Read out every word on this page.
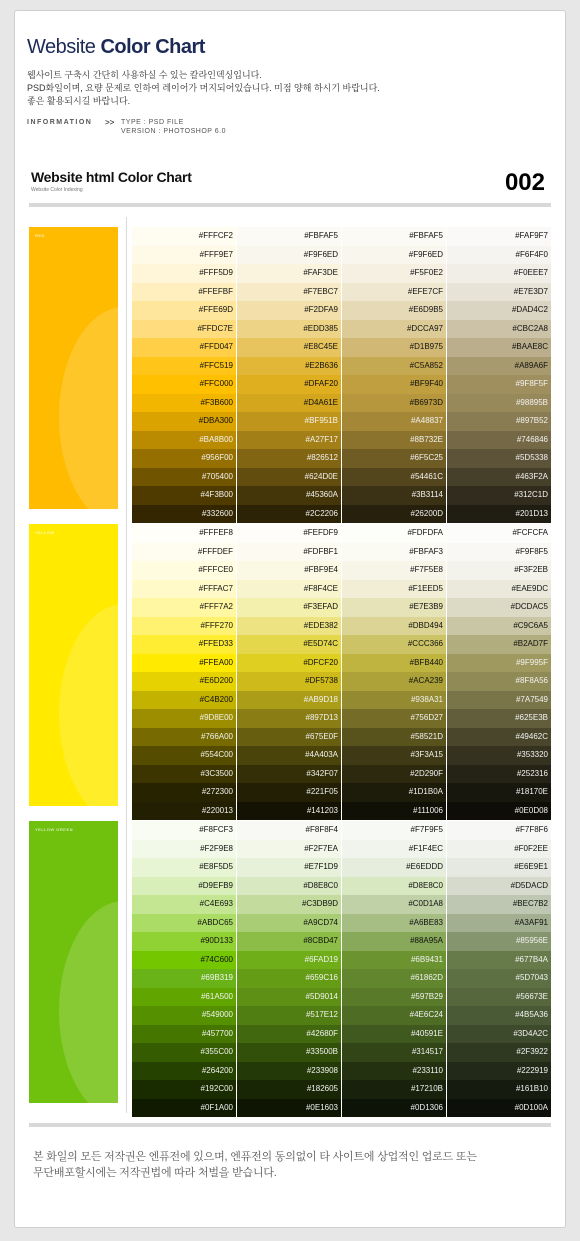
Website Color Chart
웹사이트 구축시 간단히 사용하실 수 있는 칼라인덱싱입니다.
PSD화일이며, 요량 문제로 인하여 레이어가 머지되어있습니다. 미점 양해 하시기 바랍니다.
좋은 활용되시길 바랍니다.
INFORMATION >> TYPE : PSD FILE
VERSION : PHOTOSHOP 6.0
Website html Color Chart
Website Color Indexing	002
본 화일의 모든 저작권은 엔퓨전에 있으며, 엔퓨전의 동의없이 타 사이트에 상업적인 업로드 또는
무단배포할시에는 저작권법에 따라 처벌을 받습니다.
RED	#FFFCF2	#FBFAF5	#FBFAF5	#FAF9F7
#FFF9E7	#F9F6ED	#F9F6ED	#F6F4F0
#FFF5D9	#FAF3DE	#F5F0E2	#F0EEE7
#FFEFBF	#F7EBC7	#EFE7CF	#E7E3D7
#FFE69D	#F2DFA9	#E6D9B5	#DAD4C2
#FFDC7E	#EDD385	#DCCA97	#CBC2A8
#FFD047	#E8C45E	#D1B975	#BAAE8C
#FFC519	#E2B636	#C5A852	#A89A6F
#FFC000	#DFAF20	#BF9F40	#9F8F5F
#F3B600	#D4A61E	#B6973D	#98895B
#DBA300	#BF951B	#A48837	#897B52
#BA8B00	#A27F17	#8B732E	#746846
#956F00	#826512	#6F5C25	#5D5338
#705400	#624D0E	#54461C	#463F2A
#4F3B00	#45360A	#3B3114	#312C1D
#332600	#2C2206	#26200D	#201D13
YELLOW	#FFFEF8	#FEFDF9	#FDFDFA	#FCFCFA
#FFFDEF	#FDFBF1	#FBFAF3	#F9F8F5
#FFFCE0	#FBF9E4	#F7F5E8	#F3F2EB
#FFFAC7	#F8F4CE	#F1EED5	#EAE9DC
#FFF7A2	#F3EFAD	#E7E3B9	#DCDAC5
#FFF270	#EDE382	#DBD494	#C9C6A5
#FFED33	#E5D74C	#CCC366	#B2AD7F
#FFEA00	#DFCF20	#BFB440	#9F995F
#E6D200	#DF5738	#ACA239	#8F8A56
#C4B200	#AB9D18	#938A31	#7A7549
#9D8E00	#897D13	#756D27	#625E3B
#766A00	#675E0F	#58521D	#49462C
#554C00	#4A403A	#3F3A15	#353320
#3C3500	#342F07	#2D290F	#252316
#272300	#221F05	#1D1B0A	#18170E
#220013	#141203	#111006	#0E0D08
YELLOW GREEN	#F8FCF3	#F8F8F4	#F7F9F5	#F7F8F6
#F2F9E8	#F2F7EA	#F1F4EC	#F0F2EE
#E8F5D5	#E7F1D9	#E6EDDD	#E6E9E1
#D9EFB9	#D8E8C0	#D8E8C0	#D5DACD
#C4E693	#C3DB9D	#C0D1A8	#BEC7B2
#ABDC65	#A9CD74	#A6BE83	#A3AF91
#90D133	#8CBD47	#88A95A	#85956E
#74C600	#6FAD19	#6B9431	#677B4A
#69B319	#659C16	#61862D	#5D7043
#61A500	#5D9014	#597B29	#56673E
#549000	#517E12	#4E6C24	#4B5A36
#457700	#42680F	#40591E	#3D4A2C
#355C00	#33500B	#314517	#2F3922
#264200	#233908	#233110	#222919
#192C00	#182605	#17210B	#161B10
#0F1A00	#0E1603	#0D1306	#0D100A
